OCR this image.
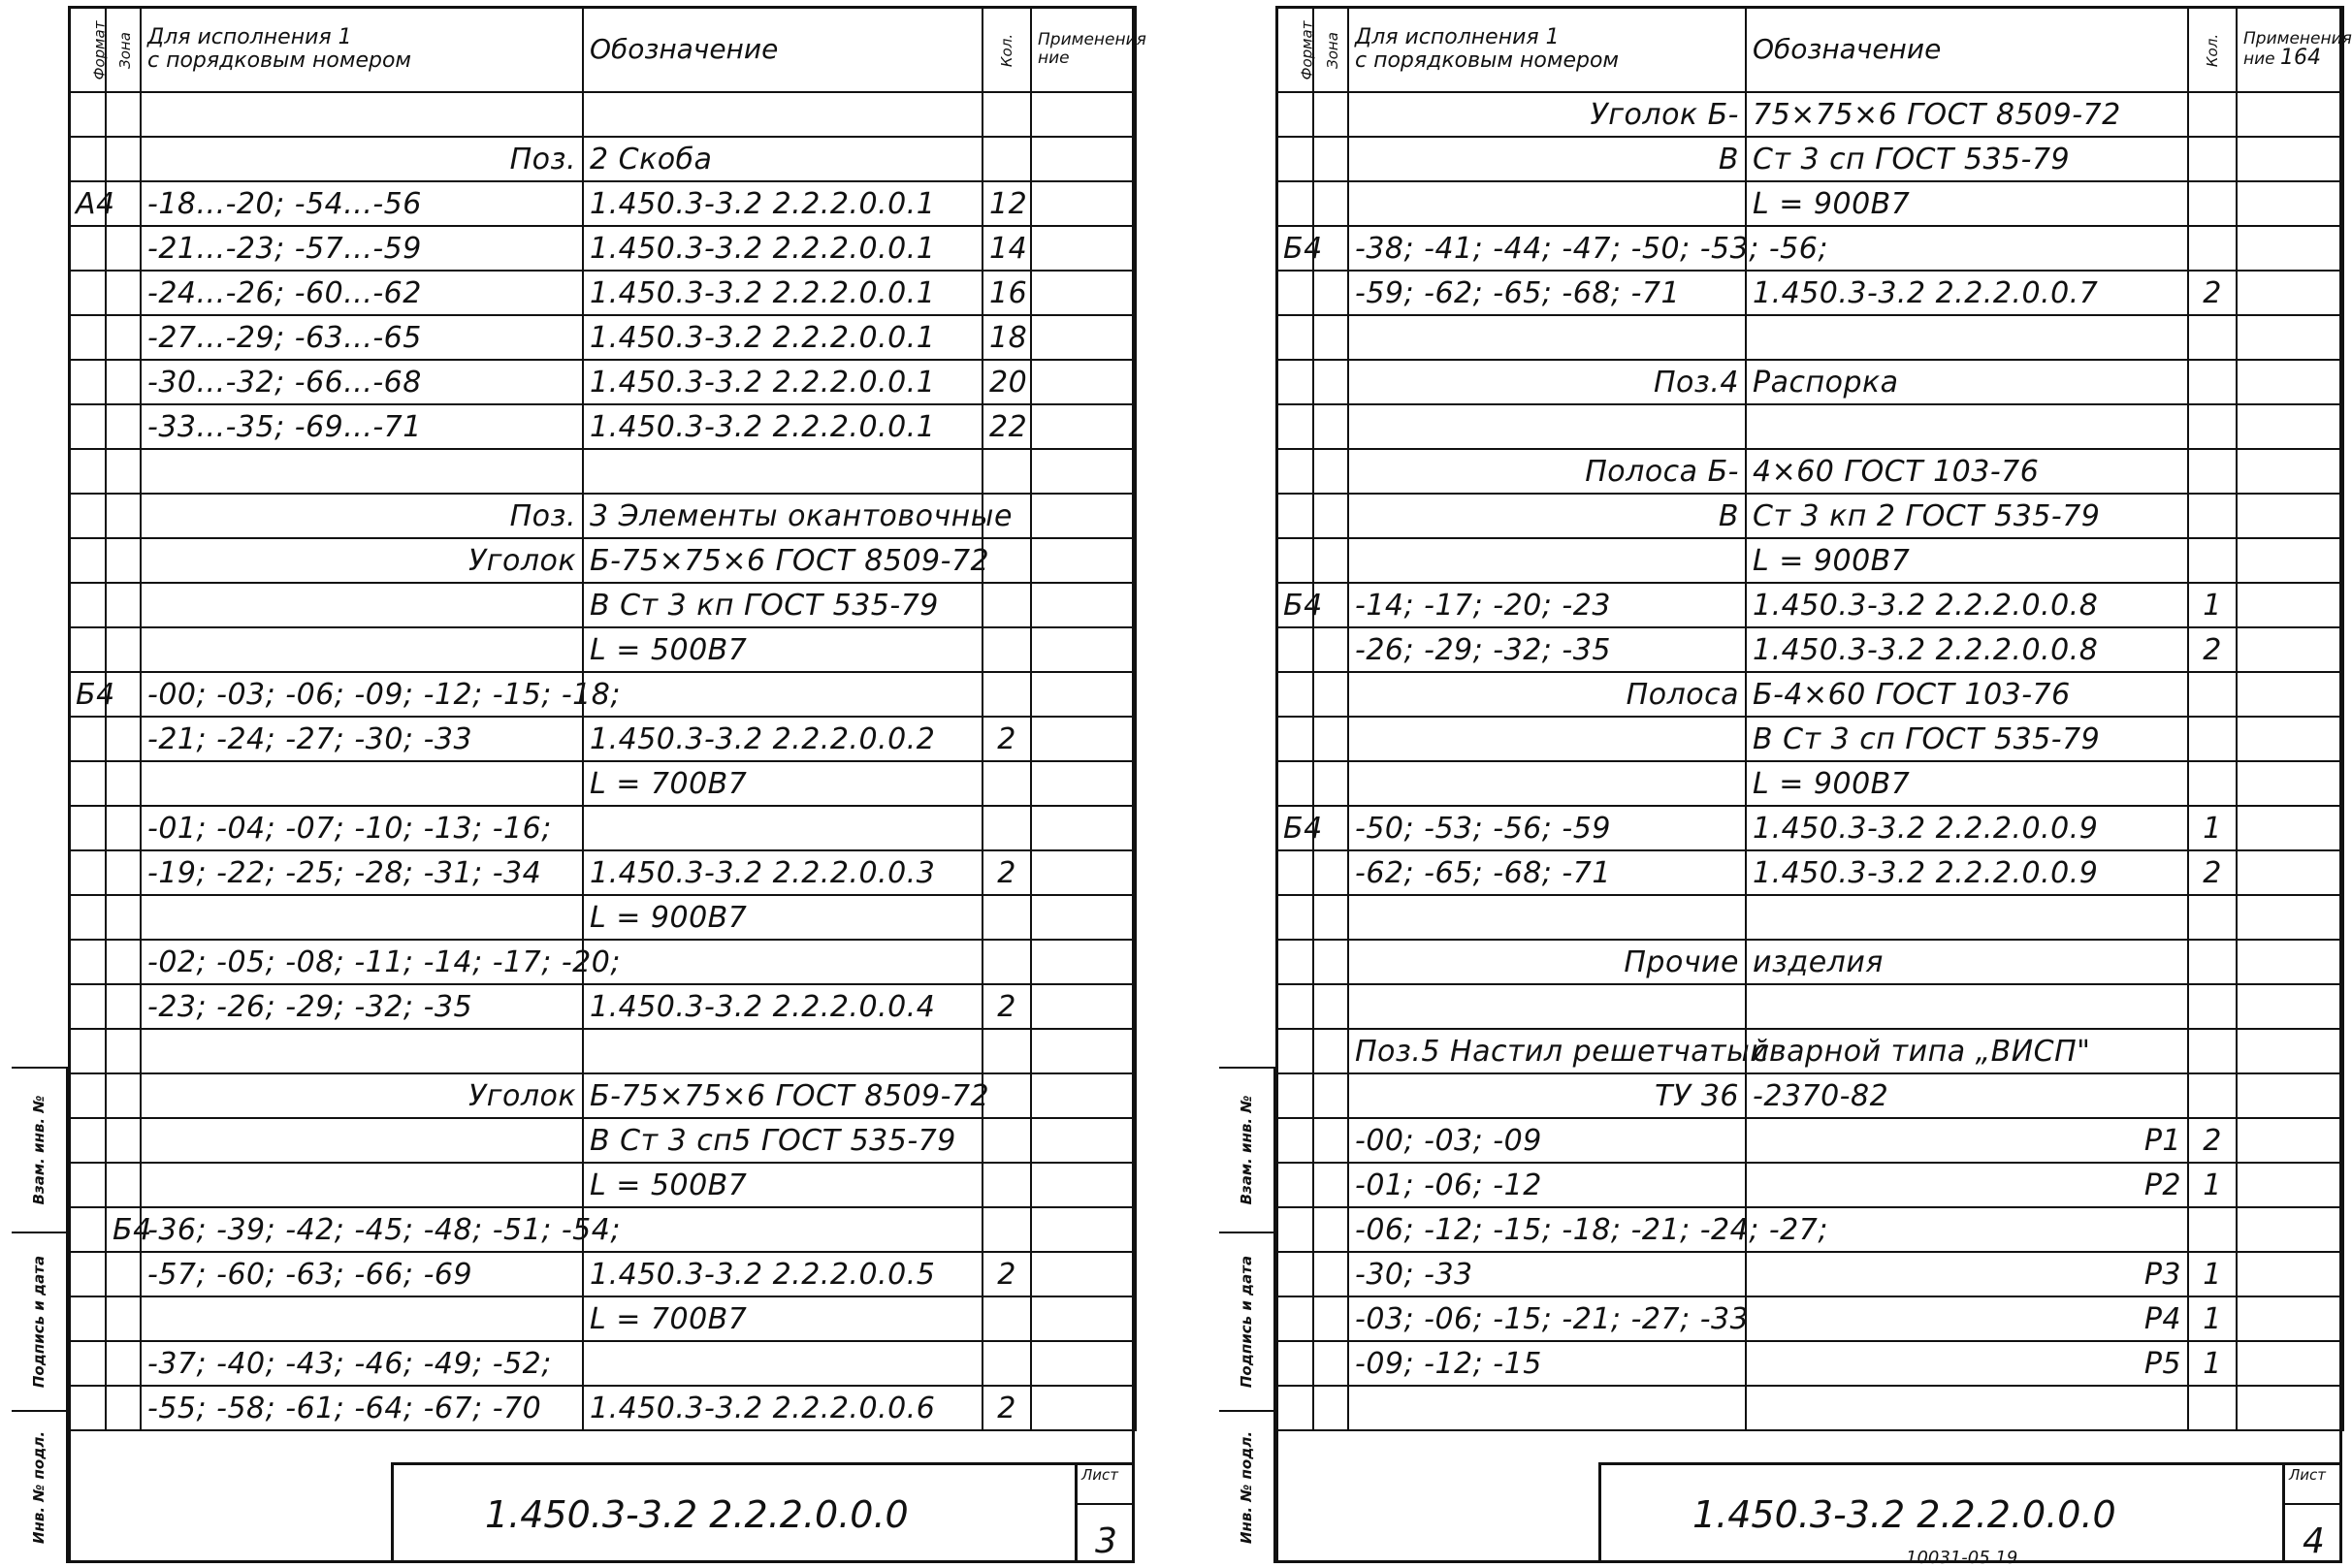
Формат	Зона	Для исполнения 1
с порядковым номером	Обозначение	Кол.	Применения
ние

		Поз.	2 Скоба		
А4		-18...-20; -54...-56	1.450.3-3.2 2.2.2.0.0.1	12	
		-21...-23; -57...-59	1.450.3-3.2 2.2.2.0.0.1	14	
		-24...-26; -60...-62	1.450.3-3.2 2.2.2.0.0.1	16	
		-27...-29; -63...-65	1.450.3-3.2 2.2.2.0.0.1	18	
		-30...-32; -66...-68	1.450.3-3.2 2.2.2.0.0.1	20	
		-33...-35; -69...-71	1.450.3-3.2 2.2.2.0.0.1	22	

		Поз.	3 Элементы окантовочные		
		Уголок	Б-75×75×6 ГОСТ 8509-72		
			В Ст 3 кп ГОСТ 535-79		
			L = 500В7		
Б4		-00; -03; -06; -09; -12; -15; -18;			
		-21; -24; -27; -30; -33	1.450.3-3.2 2.2.2.0.0.2	2	
			L = 700В7		
		-01; -04; -07; -10; -13; -16;			
		-19; -22; -25; -28; -31; -34	1.450.3-3.2 2.2.2.0.0.3	2	
			L = 900В7		
		-02; -05; -08; -11; -14; -17; -20;			
		-23; -26; -29; -32; -35	1.450.3-3.2 2.2.2.0.0.4	2	

		Уголок	Б-75×75×6 ГОСТ 8509-72		
			В Ст 3 сп5 ГОСТ 535-79		
			L = 500В7		
	Б4	-36; -39; -42; -45; -48; -51; -54;			
		-57; -60; -63; -66; -69	1.450.3-3.2 2.2.2.0.0.5	2	
			L = 700В7		
		-37; -40; -43; -46; -49; -52;			
		-55; -58; -61; -64; -67; -70	1.450.3-3.2 2.2.2.0.0.6	2	
1.450.3-3.2 2.2.2.0.0.0
Лист
3
Взам. инв. №
Подпись и дата
Инв. № подл.
Формат	Зона	Для исполнения 1
с порядковым номером	Обозначение	Кол.	Применения
ние 164
		Уголок Б-	75×75×6 ГОСТ 8509-72		
		В	Ст 3 сп ГОСТ 535-79		
			L = 900В7		
Б4		-38; -41; -44; -47; -50; -53; -56;			
		-59; -62; -65; -68; -71	1.450.3-3.2 2.2.2.0.0.7	2	

		Поз.4	Распорка		

		Полоса Б-	4×60 ГОСТ 103-76		
		В	Ст 3 кп 2 ГОСТ 535-79		
			L = 900В7		
Б4		-14; -17; -20; -23	1.450.3-3.2 2.2.2.0.0.8	1	
		-26; -29; -32; -35	1.450.3-3.2 2.2.2.0.0.8	2	
		Полоса	Б-4×60 ГОСТ 103-76		
			В Ст 3 сп ГОСТ 535-79		
			L = 900В7		
Б4		-50; -53; -56; -59	1.450.3-3.2 2.2.2.0.0.9	1	
		-62; -65; -68; -71	1.450.3-3.2 2.2.2.0.0.9	2	

		Прочие	изделия		

		Поз.5 Настил решетчатый	сварной типа „ВИСП"		
		ТУ 36	-2370-82		
		-00; -03; -09	Р1	2	
		-01; -06; -12	Р2	1	
		-06; -12; -15; -18; -21; -24; -27;			
		-30; -33	Р3	1	
		-03; -06; -15; -21; -27; -33	Р4	1	
		-09; -12; -15	Р5	1	

1.450.3-3.2 2.2.2.0.0.0
Лист
4
10031-05 19
Взам. инв. №
Подпись и дата
Инв. № подл.
